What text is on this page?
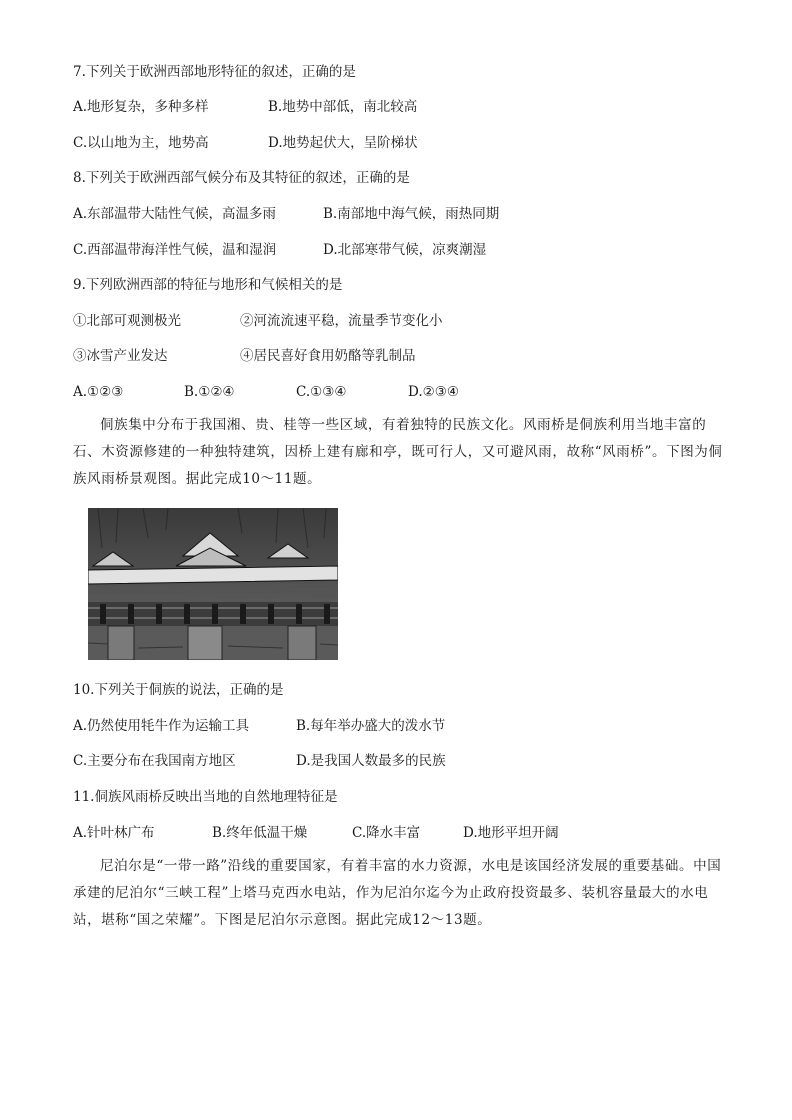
7.下列关于欧洲西部地形特征的叙述，正确的是
A.地形复杂，多种多样	B.地势中部低，南北较高
C.以山地为主，地势高	D.地势起伏大，呈阶梯状
8.下列关于欧洲西部气候分布及其特征的叙述，正确的是
A.东部温带大陆性气候，高温多雨	B.南部地中海气候，雨热同期
C.西部温带海洋性气候，温和湿润	D.北部寒带气候，凉爽潮湿
9.下列欧洲西部的特征与地形和气候相关的是
①北部可观测极光	②河流流速平稳，流量季节变化小
③冰雪产业发达	④居民喜好食用奶酪等乳制品
A.①②③	B.①②④	C.①③④	D.②③④

侗族集中分布于我国湘、贵、桂等一些区域，有着独特的民族文化。风雨桥是侗族利用当地丰富的石、木资源修建的一种独特建筑，因桥上建有廊和亭，既可行人，又可避风雨，故称“风雨桥”。下图为侗族风雨桥景观图。据此完成10～11题。

10.下列关于侗族的说法，正确的是
A.仍然使用牦牛作为运输工具	B.每年举办盛大的泼水节
C.主要分布在我国南方地区	D.是我国人数最多的民族
11.侗族风雨桥反映出当地的自然地理特征是
A.针叶林广布	B.终年低温干燥	C.降水丰富	D.地形平坦开阔

尼泊尔是“一带一路”沿线的重要国家，有着丰富的水力资源，水电是该国经济发展的重要基础。中国承建的尼泊尔“三峡工程”上塔马克西水电站，作为尼泊尔迄今为止政府投资最多、装机容量最大的水电站，堪称“国之荣耀”。下图是尼泊尔示意图。据此完成12～13题。
